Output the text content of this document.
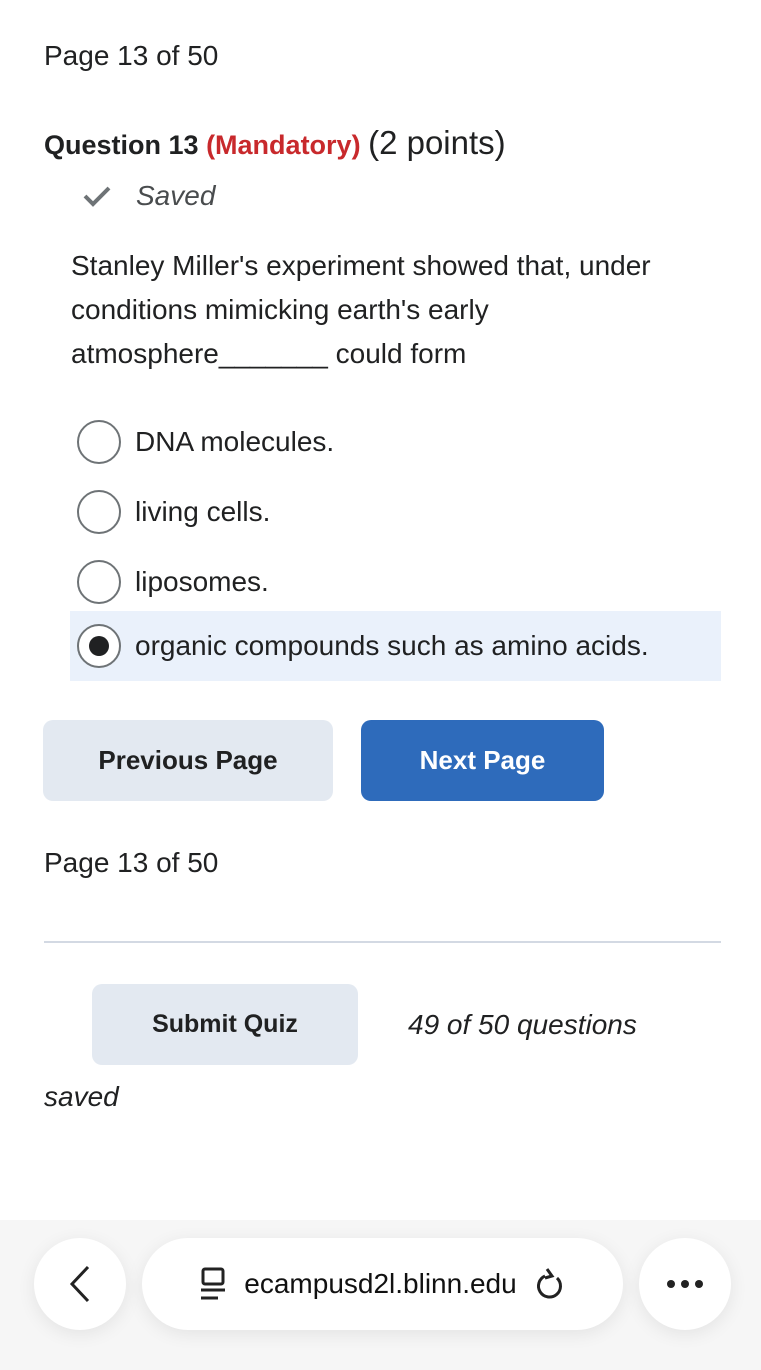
Page 13 of 50
Question 13 (Mandatory) (2 points)
Saved
Stanley Miller's experiment showed that, under conditions mimicking earth's early atmosphere_______ could form
DNA molecules.
living cells.
liposomes.
organic compounds such as amino acids.
Previous Page	Next Page
Page 13 of 50
Submit Quiz	49 of 50 questions
saved
ecampusd2l.blinn.edu
